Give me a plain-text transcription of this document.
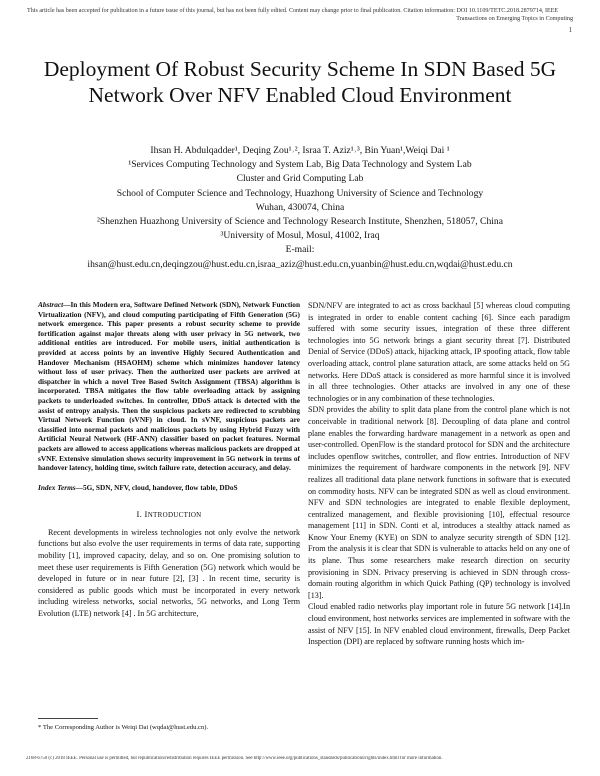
This article has been accepted for publication in a future issue of this journal, but has not been fully edited. Content may change prior to final publication. Citation information: DOI 10.1109/TETC.2018.2879714, IEEE
Transactions on Emerging Topics in Computing
1
Deployment Of Robust Security Scheme In SDN Based 5G Network Over NFV Enabled Cloud Environment
Ihsan H. Abdulqadder¹, Deqing Zou¹˒², Israa T. Aziz¹˒³, Bin Yuan¹,Weiqi Dai ¹
¹Services Computing Technology and System Lab, Big Data Technology and System Lab
Cluster and Grid Computing Lab
School of Computer Science and Technology, Huazhong University of Science and Technology
Wuhan, 430074, China
²Shenzhen Huazhong University of Science and Technology Research Institute, Shenzhen, 518057, China
³University of Mosul, Mosul, 41002, Iraq
E-mail:
ihsan@hust.edu.cn,deqingzou@hust.edu.cn,israa_aziz@hust.edu.cn,yuanbin@hust.edu.cn,wqdai@hust.edu.cn

Abstract—In this Modern era, Software Defined Network (SDN), Network Function Virtualization (NFV), and cloud computing participating of Fifth Generation (5G) network emergence. This paper presents a robust security scheme to provide fortification against major threats along with user privacy in 5G network, two additional entities are introduced. For mobile users, initial authentication is provided at access points by an inventive Highly Secured Authentication and Handover Mechanism (HSAOHM) scheme which minimizes handover latency without loss of user privacy. Then the authorized user packets are arrived at dispatcher in which a novel Tree Based Switch Assignment (TBSA) algorithm is incorporated. TBSA mitigates the flow table overloading attack by assigning packets to underloaded switches. In controller, DDoS attack is detected with the assist of entropy analysis. Then the suspicious packets are redirected to scrubbing Virtual Network Function (sVNF) in cloud. In sVNF, suspicious packets are classified into normal packets and malicious packets by using Hybrid Fuzzy with Artificial Neural Network (HF-ANN) classifier based on packet features. Normal packets are allowed to access applications whereas malicious packets are dropped at sVNF. Extensive simulation shows security improvement in 5G network in terms of handover latency, holding time, switch failure rate, detection accuracy, and delay.

Index Terms—5G, SDN, NFV, cloud, handover, flow table, DDoS

I. INTRODUCTION

Recent developments in wireless technologies not only evolve the network functions but also evolve the user requirements in terms of data rate, supporting mobility [1], improved capacity, delay, and so on. One promising solution to meet these user requirements is Fifth Generation (5G) network which would be developed in future or in near future [2], [3] . In recent time, security is considered as public goods which must be incorporated in every network including wireless networks, social networks, 5G networks, and Long Term Evolution (LTE) network [4] . In 5G architecture,

SDN/NFV are integrated to act as cross backhaul [5] whereas cloud computing is integrated in order to enable content caching [6]. Since each paradigm suffered with some security issues, integration of these three different technologies into 5G network brings a giant security threat [7]. Distributed Denial of Service (DDoS) attack, hijacking attack, IP spoofing attack, flow table overloading attack, control plane saturation attack, are some attacks held on 5G networks. Here DDoS attack is considered as more harmful since it is involved in all three technologies. Other attacks are involved in any one of these technologies or in any combination of these technologies.

SDN provides the ability to split data plane from the control plane which is not conceivable in traditional network [8]. Decoupling of data plane and control plane enables the forwarding hardware management in a network as open and user-controlled. OpenFlow is the standard protocol for SDN and the architecture includes openflow switches, controller, and flow entries. Introduction of NFV minimizes the requirement of hardware components in the network [9]. NFV realizes all traditional data plane network functions in software that is executed on commodity hosts. NFV can be integrated SDN as well as cloud environment. NFV and SDN technologies are integrated to enable flexible deployment, centralized management, and flexible provisioning [10], effectual resource management [11] in SDN. Conti et al, introduces a stealthy attack named as Know Your Enemy (KYE) on SDN to analyze security strength of SDN [12]. From the analysis it is clear that SDN is vulnerable to attacks held on any one of its plane. Thus some researchers make research direction on security provisioning in SDN. Privacy preserving is achieved in SDN through cross-domain routing algorithm in which Quick Pathing (QP) technology is involved [13].

Cloud enabled radio networks play important role in future 5G network [14].In cloud environment, host networks services are implemented in software with the assist of NFV [15]. In NFV enabled cloud environment, firewalls, Deep Packet Inspection (DPI) are replaced by software running hosts which im-

* The Corresponding Author is Weiqi Dai (wqdai@hust.edu.cn).
2168-6750 (c) 2018 IEEE. Personal use is permitted, but republication/redistribution requires IEEE permission. See http://www.ieee.org/publications_standards/publications/rights/index.html for more information.
